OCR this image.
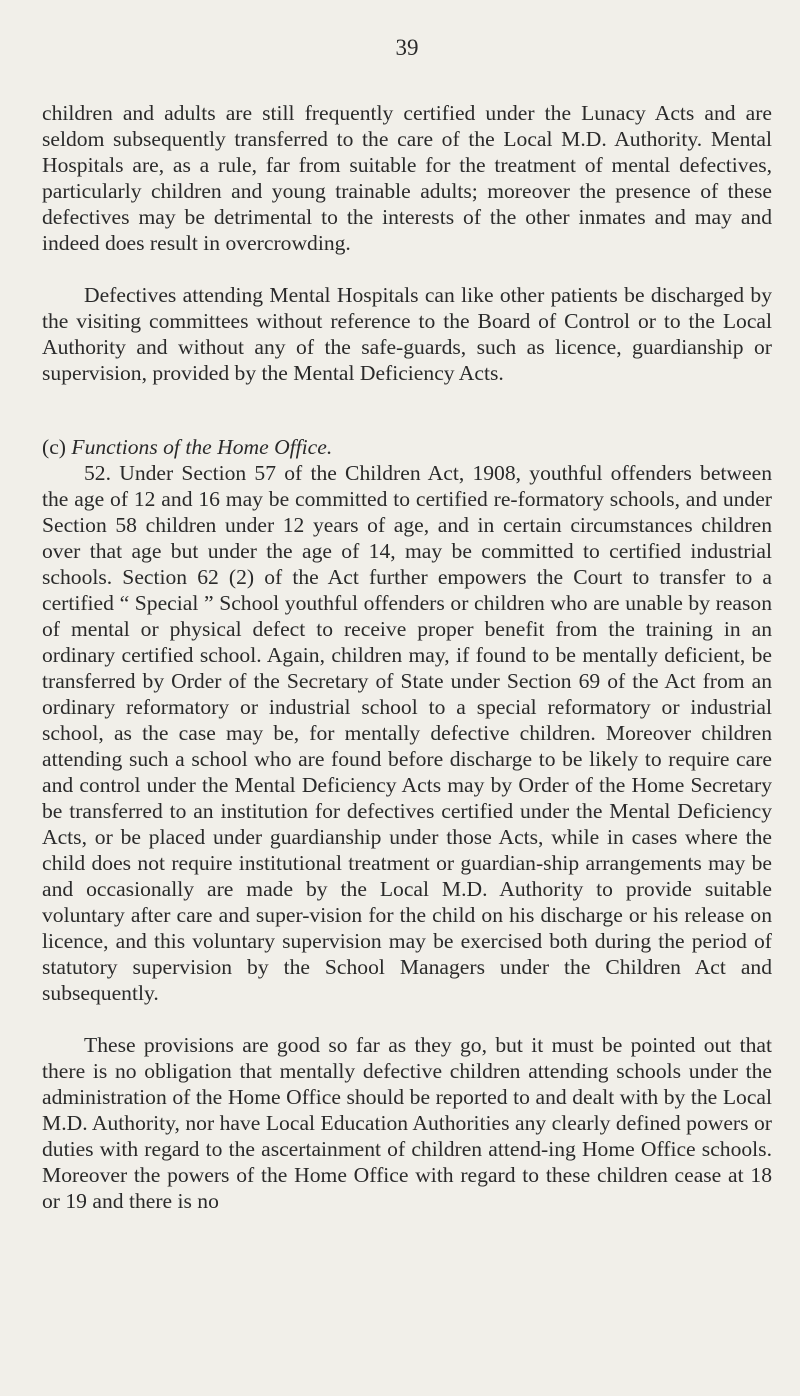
39

children and adults are still frequently certified under the Lunacy Acts and are seldom subsequently transferred to the care of the Local M.D. Authority. Mental Hospitals are, as a rule, far from suitable for the treatment of mental defectives, particularly children and young trainable adults; moreover the presence of these defectives may be detrimental to the interests of the other inmates and may and indeed does result in overcrowding.

Defectives attending Mental Hospitals can like other patients be discharged by the visiting committees without reference to the Board of Control or to the Local Authority and without any of the safe-guards, such as licence, guardianship or supervision, provided by the Mental Deficiency Acts.

(c) Functions of the Home Office.

52. Under Section 57 of the Children Act, 1908, youthful offenders between the age of 12 and 16 may be committed to certified re-formatory schools, and under Section 58 children under 12 years of age, and in certain circumstances children over that age but under the age of 14, may be committed to certified industrial schools. Section 62 (2) of the Act further empowers the Court to transfer to a certified “ Special ” School youthful offenders or children who are unable by reason of mental or physical defect to receive proper benefit from the training in an ordinary certified school. Again, children may, if found to be mentally deficient, be transferred by Order of the Secretary of State under Section 69 of the Act from an ordinary reformatory or industrial school to a special reformatory or industrial school, as the case may be, for mentally defective children. Moreover children attending such a school who are found before discharge to be likely to require care and control under the Mental Deficiency Acts may by Order of the Home Secretary be transferred to an institution for defectives certified under the Mental Deficiency Acts, or be placed under guardianship under those Acts, while in cases where the child does not require institutional treatment or guardian-ship arrangements may be and occasionally are made by the Local M.D. Authority to provide suitable voluntary after care and super-vision for the child on his discharge or his release on licence, and this voluntary supervision may be exercised both during the period of statutory supervision by the School Managers under the Children Act and subsequently.

These provisions are good so far as they go, but it must be pointed out that there is no obligation that mentally defective children attending schools under the administration of the Home Office should be reported to and dealt with by the Local M.D. Authority, nor have Local Education Authorities any clearly defined powers or duties with regard to the ascertainment of children attend-ing Home Office schools. Moreover the powers of the Home Office with regard to these children cease at 18 or 19 and there is no
